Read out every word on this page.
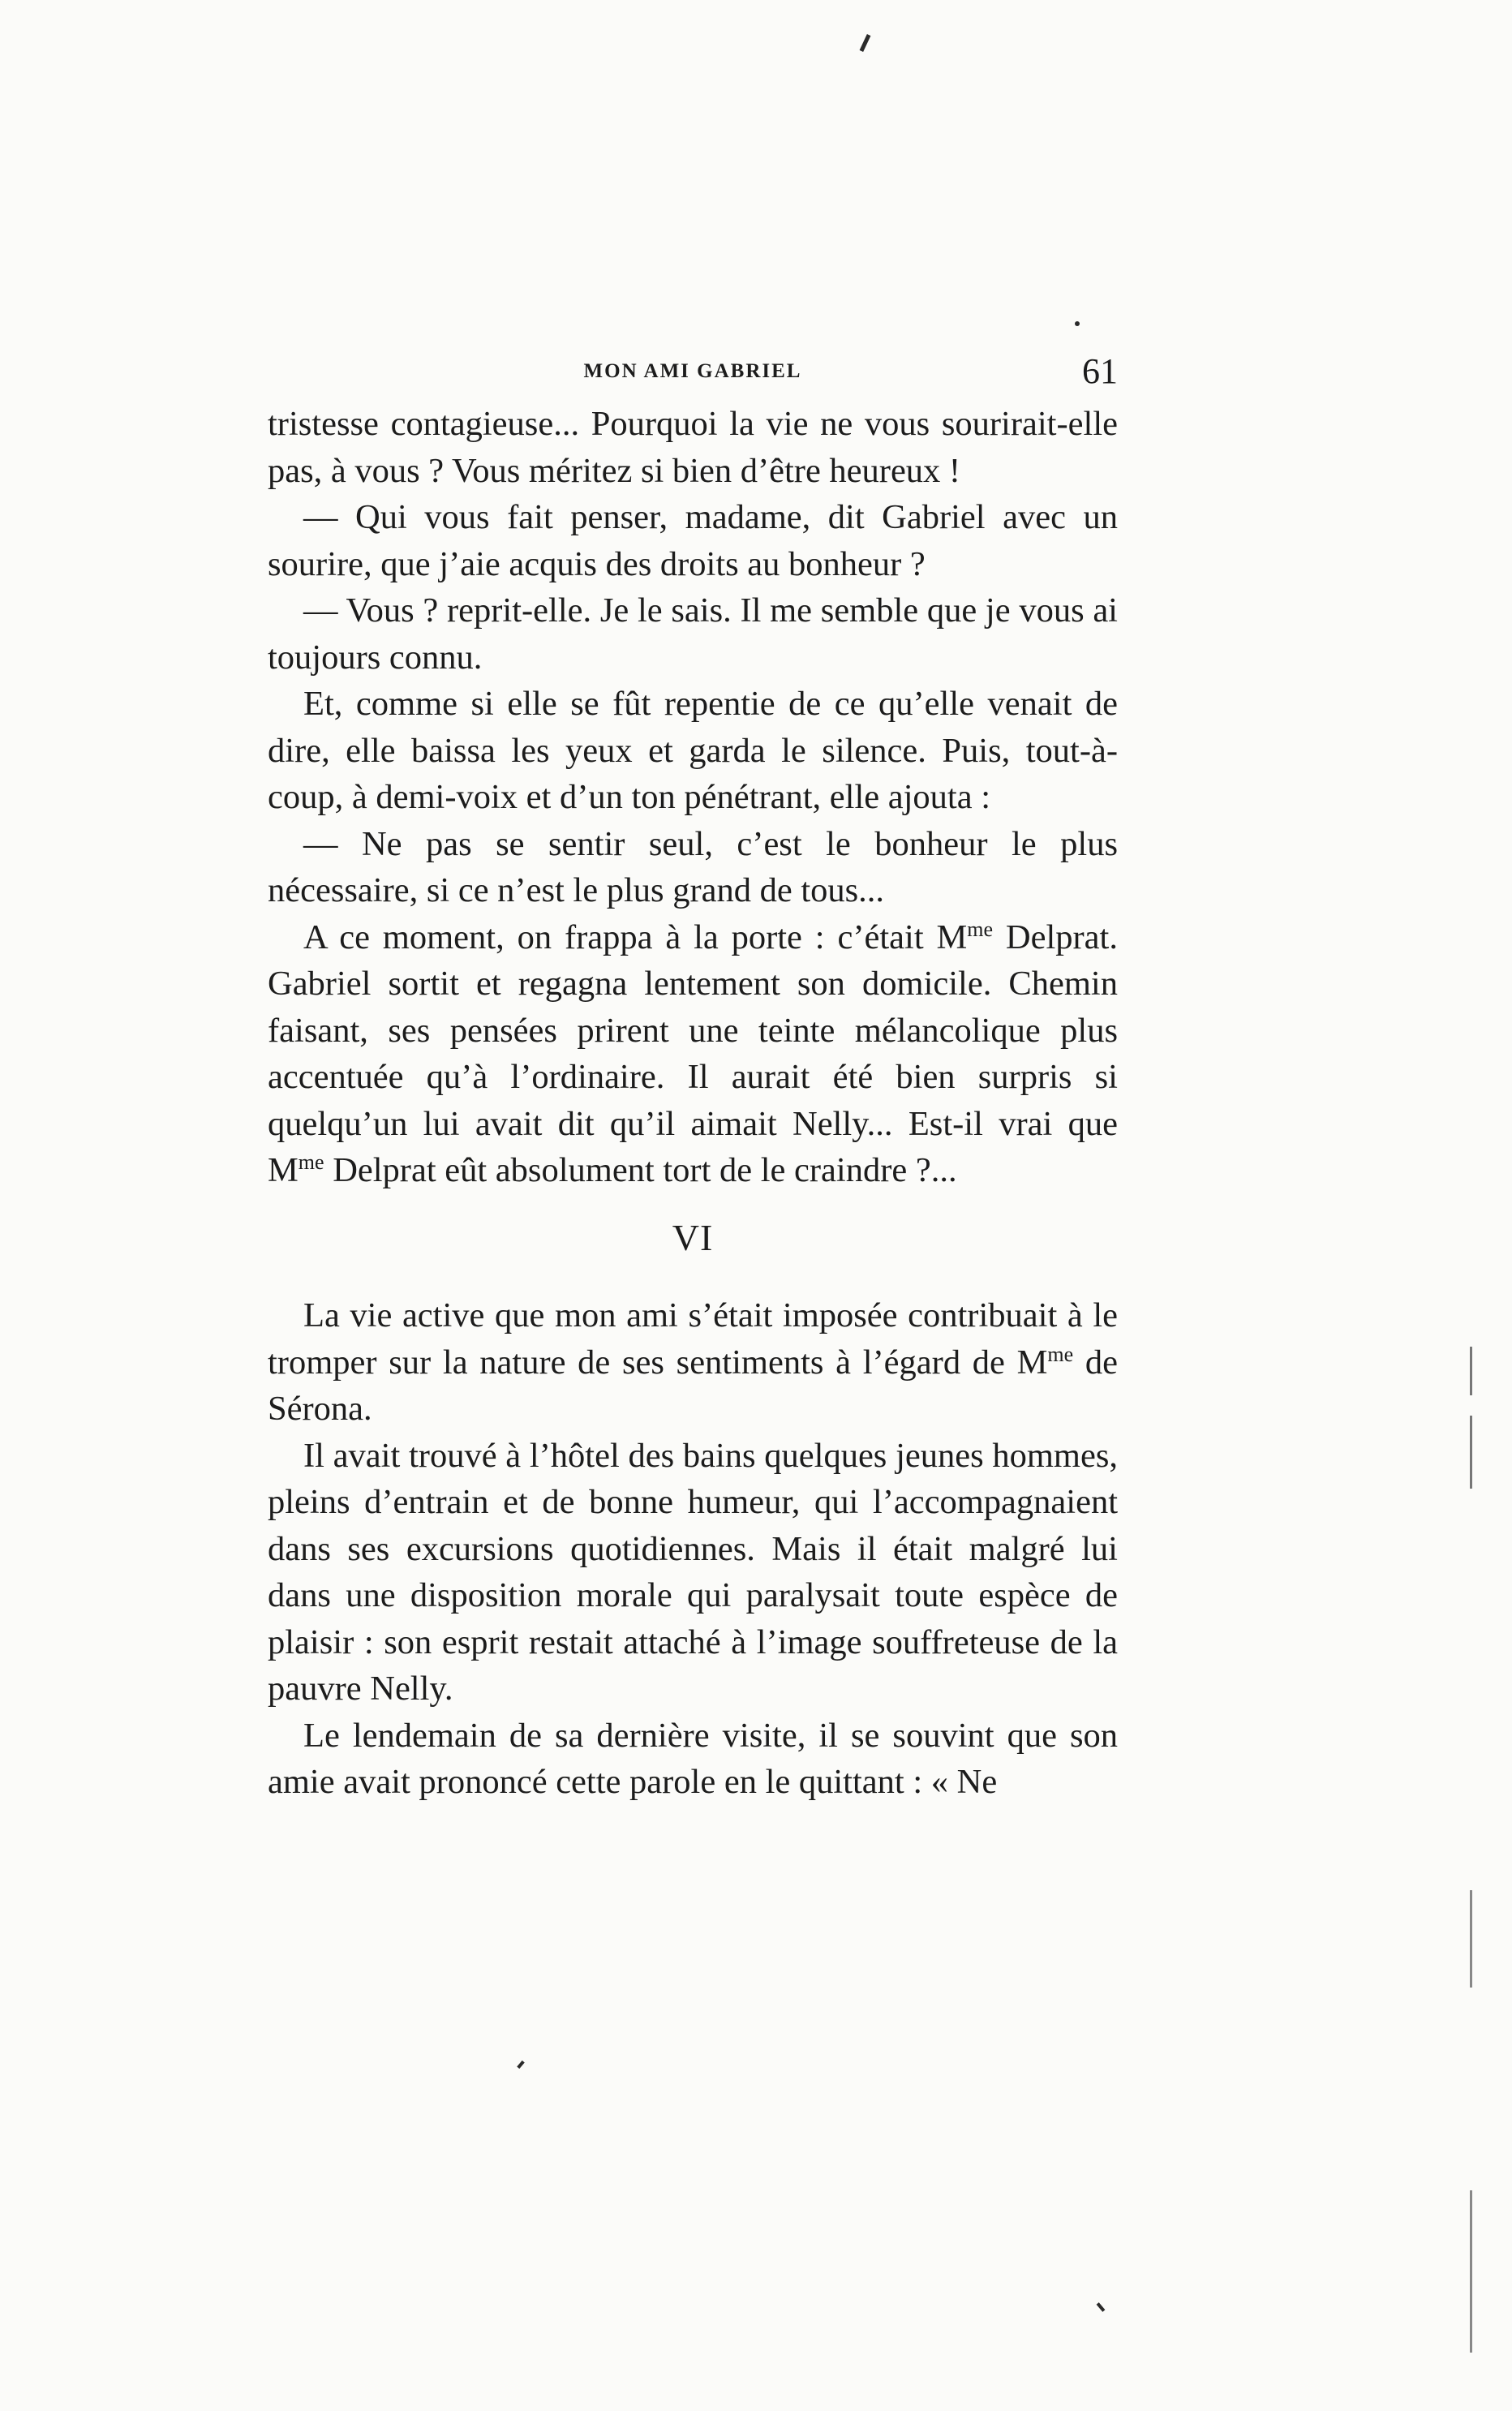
MON AMI GABRIEL	61

tristesse contagieuse... Pourquoi la vie ne vous sourirait-elle pas, à vous ? Vous méritez si bien d’être heureux !

— Qui vous fait penser, madame, dit Gabriel avec un sourire, que j’aie acquis des droits au bonheur ?

— Vous ? reprit-elle. Je le sais. Il me semble que je vous ai toujours connu.

Et, comme si elle se fût repentie de ce qu’elle venait de dire, elle baissa les yeux et garda le silence. Puis, tout-à-coup, à demi-voix et d’un ton pénétrant, elle ajouta :

— Ne pas se sentir seul, c’est le bonheur le plus nécessaire, si ce n’est le plus grand de tous...

A ce moment, on frappa à la porte : c’était $M^{me}$ Delprat. Gabriel sortit et regagna lentement son domicile. Chemin faisant, ses pensées prirent une teinte mélancolique plus accentuée qu’à l’ordinaire. Il aurait été bien surpris si quelqu’un lui avait dit qu’il aimait Nelly... Est-il vrai que $M^{me}$ Delprat eût absolument tort de le craindre ?...

VI

La vie active que mon ami s’était imposée contribuait à le tromper sur la nature de ses sentiments à l’égard de $M^{me}$ de Sérona.

Il avait trouvé à l’hôtel des bains quelques jeunes hommes, pleins d’entrain et de bonne humeur, qui l’accompagnaient dans ses excursions quotidiennes. Mais il était malgré lui dans une disposition morale qui paralysait toute espèce de plaisir : son esprit restait attaché à l’image souffreteuse de la pauvre Nelly.

Le lendemain de sa dernière visite, il se souvint que son amie avait prononcé cette parole en le quittant : « Ne
